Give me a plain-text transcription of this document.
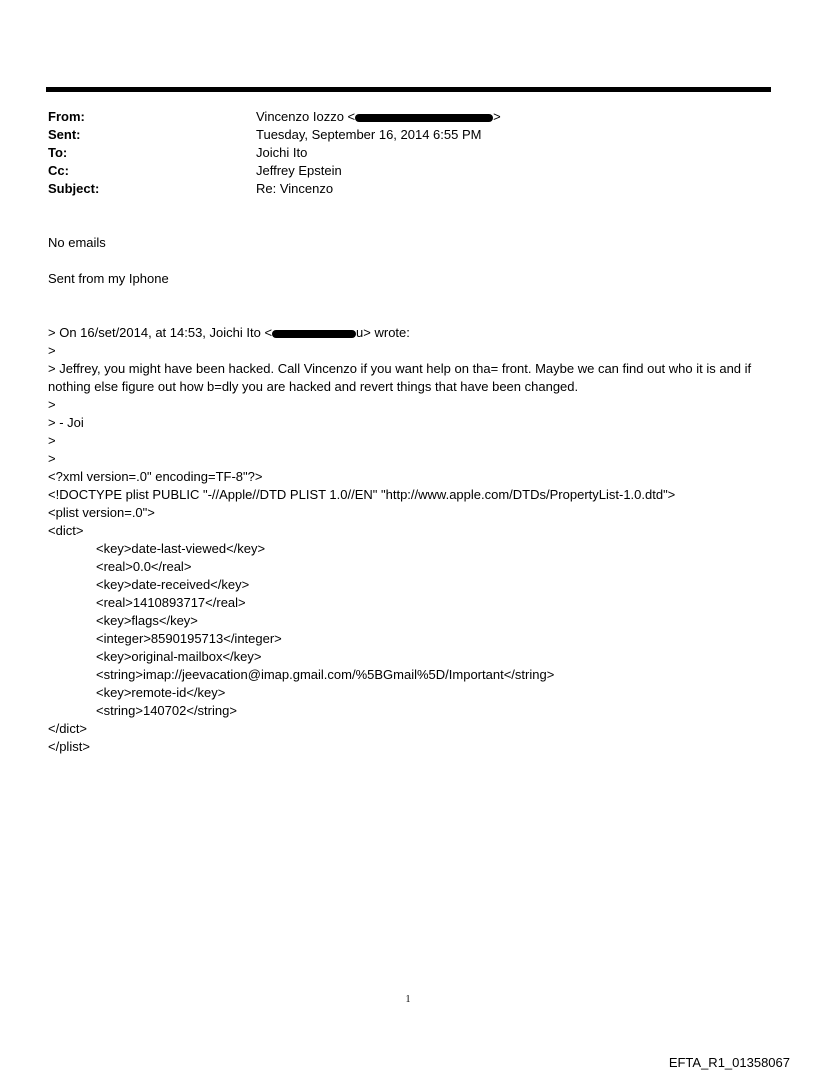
From:	Vincenzo Iozzo <	>
Sent:	Tuesday, September 16, 2014 6:55 PM
To:	Joichi Ito
Cc:	Jeffrey Epstein
Subject:	Re: Vincenzo
No emails
Sent from my Iphone
> On 16/set/2014, at 14:53, Joichi Ito <	u> wrote:
>
> Jeffrey, you might have been hacked. Call Vincenzo if you want help on tha= front. Maybe we can find out who it is and if nothing else figure out how b=dly you are hacked and revert things that have been changed.
>
> - Joi
>
>
<?xml version=.0" encoding=TF-8"?>
<!DOCTYPE plist PUBLIC "-//Apple//DTD PLIST 1.0//EN" "http://www.apple.com/DTDs/PropertyList-1.0.dtd">
<plist version=.0">
<dict>
<key>date-last-viewed</key>
<real>0.0</real>
<key>date-received</key>
<real>1410893717</real>
<key>flags</key>
<integer>8590195713</integer>
<key>original-mailbox</key>
<string>imap://jeevacation@imap.gmail.com/%5BGmail%5D/Important</string>
<key>remote-id</key>
<string>140702</string>
</dict>
</plist>
1
EFTA_R1_01358067
